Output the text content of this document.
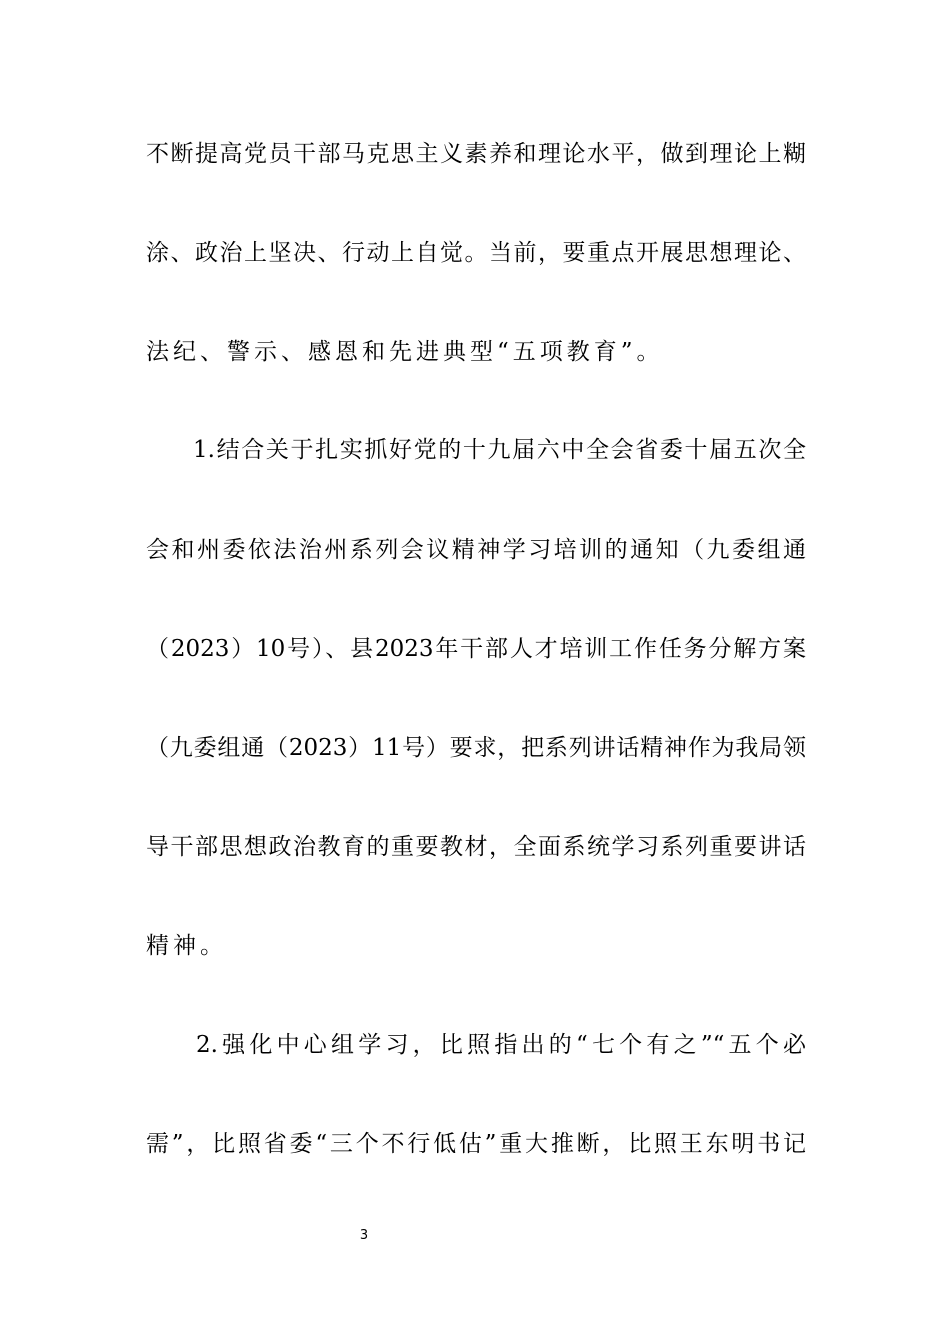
不断提高党员干部马克思主义素养和理论水平，做到理论上糊
涂、政治上坚决、行动上自觉。当前，要重点开展思想理论、
法纪、警示、感恩和先进典型“五项教育”。
1.结合关于扎实抓好党的十九届六中全会省委十届五次全
会和州委依法治州系列会议精神学习培训的通知（九委组通
（2023）10号）、县2023年干部人才培训工作任务分解方案
（九委组通（2023）11号）要求，把系列讲话精神作为我局领
导干部思想政治教育的重要教材，全面系统学习系列重要讲话
精神。
2.强化中心组学习，比照指出的“七个有之”“五个必
需”，比照省委“三个不行低估”重大推断，比照王东明书记
3
